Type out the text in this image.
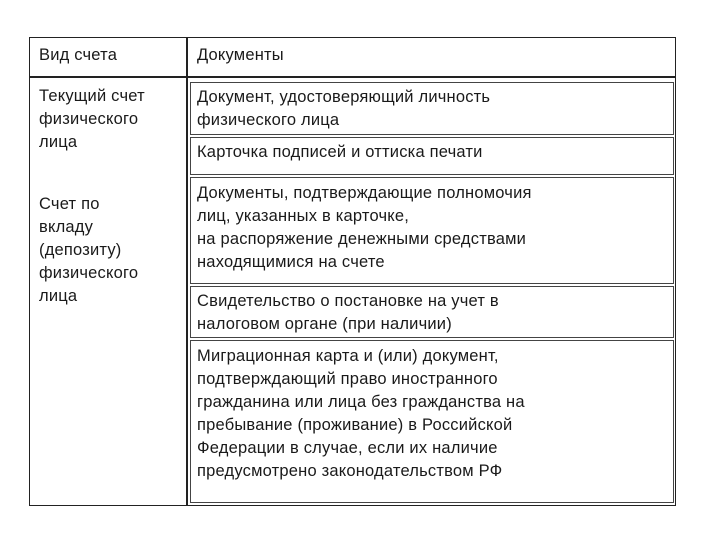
Вид счета	Документы
Текущий счет
физического
лица
Счет по
вкладу
(депозиту)
физического
лица
Документ, удостоверяющий личность
физического лица
Карточка подписей и оттиска печати
Документы, подтверждающие полномочия
лиц, указанных в карточке,
на распоряжение денежными средствами
находящимися на счете
Свидетельство о постановке на учет в
налоговом органе (при наличии)
Миграционная карта и (или) документ,
подтверждающий право иностранного
гражданина или лица без гражданства на
пребывание (проживание) в Российской
Федерации в случае, если их наличие
предусмотрено законодательством РФ
